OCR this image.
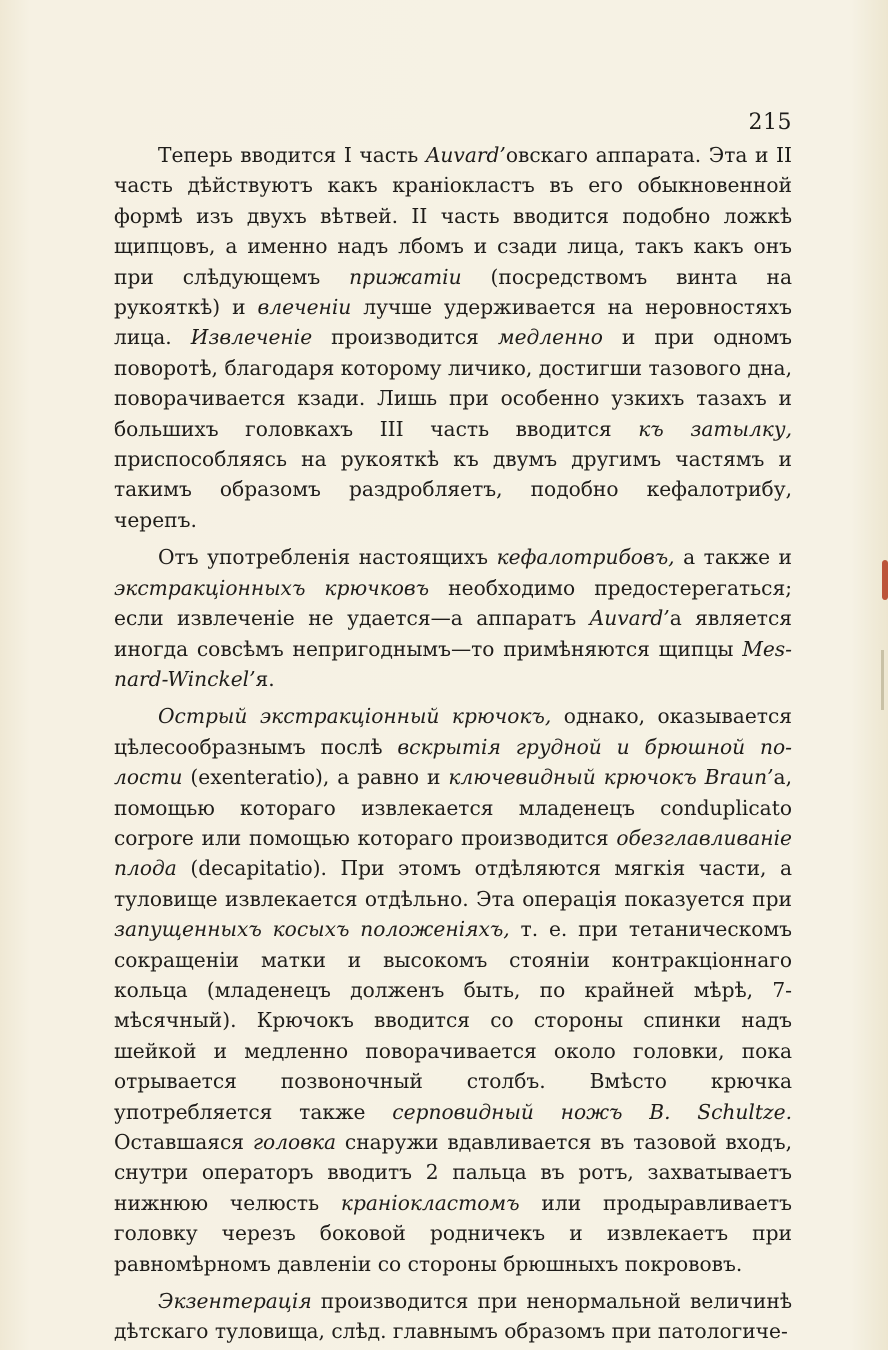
215

Теперь вводится I часть Auvard’овскаго аппарата. Эта и II часть дѣйствуютъ какъ краніокластъ въ его обыкновенной формѣ изъ двухъ вѣтвей. II часть вводится подобно ложкѣ щипцовъ, а именно надъ лбомъ и сзади лица, такъ какъ онъ при слѣдующемъ прижатіи (посредствомъ винта на рукояткѣ) и влеченіи лучше удерживается на неровностяхъ лица. Извлеченіе производится медленно и при одномъ поворотѣ, благодаря которому личико, достигши тазового дна, поворачивается кзади. Лишь при особенно узкихъ тазахъ и большихъ головкахъ III часть вводится къ затылку, приспособляясь на рукояткѣ къ двумъ другимъ частямъ и такимъ образомъ раздробляетъ, подобно кефалотрибу, черепъ.

Отъ употребленія настоящихъ кефалотрибовъ, а также и экстракціонныхъ крючковъ необходимо предостерегаться; если извлеченіе не удается—а аппаратъ Auvard’а является иногда совсѣмъ непригоднымъ—то примѣняются щипцы Mesnard-Winckel’я.

Острый экстракціонный крючокъ, однако, оказывается цѣлесообразнымъ послѣ вскрытія грудной и брюшной полости (exenteratio), а равно и ключевидный крючокъ Braun’а, помощью котораго извлекается младенецъ conduplicato corpore или помощью котораго производится обезглавливаніе плода (decapitatio). При этомъ отдѣляются мягкія части, а туловище извлекается отдѣльно. Эта операція показуется при запущенныхъ косыхъ положеніяхъ, т. е. при тетаническомъ сокращеніи матки и высокомъ стояніи контракціоннаго кольца (младенецъ долженъ быть, по крайней мѣрѣ, 7-мѣсячный). Крючокъ вводится со стороны спинки надъ шейкой и медленно поворачивается около головки, пока отрывается позвоночный столбъ. Вмѣсто крючка употребляется также серповидный ножъ B. Schultze. Оставшаяся головка снаружи вдавливается въ тазовой входъ, снутри операторъ вводитъ 2 пальца въ ротъ, захватываетъ нижнюю челюсть краніокластомъ или продыравливаетъ головку черезъ боковой родничекъ и извлекаетъ при равномѣрномъ давленіи со стороны брюшныхъ покрововъ.

Экзентерація производится при ненормальной величинѣ дѣтскаго туловища, слѣд. главнымъ образомъ при патологиче-
